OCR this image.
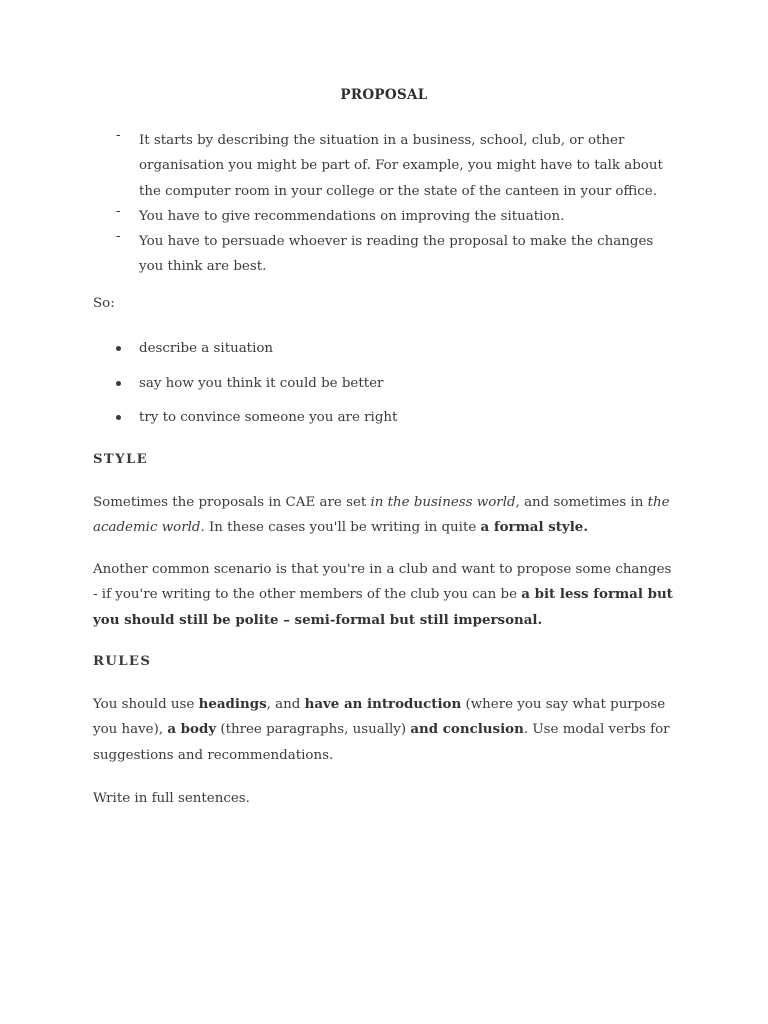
PROPOSAL
- It starts by describing the situation in a business, school, club, or other organisation you might be part of. For example, you might have to talk about the computer room in your college or the state of the canteen in your office.
- You have to give recommendations on improving the situation.
- You have to persuade whoever is reading the proposal to make the changes you think are best.
So:
describe a situation
say how you think it could be better
try to convince someone you are right
STYLE
Sometimes the proposals in CAE are set in the business world, and sometimes in the academic world. In these cases you'll be writing in quite a formal style.
Another common scenario is that you're in a club and want to propose some changes - if you're writing to the other members of the club you can be a bit less formal but you should still be polite – semi-formal but still impersonal.
RULES
You should use headings, and have an introduction (where you say what purpose you have), a body (three paragraphs, usually) and conclusion. Use modal verbs for suggestions and recommendations.
Write in full sentences.
